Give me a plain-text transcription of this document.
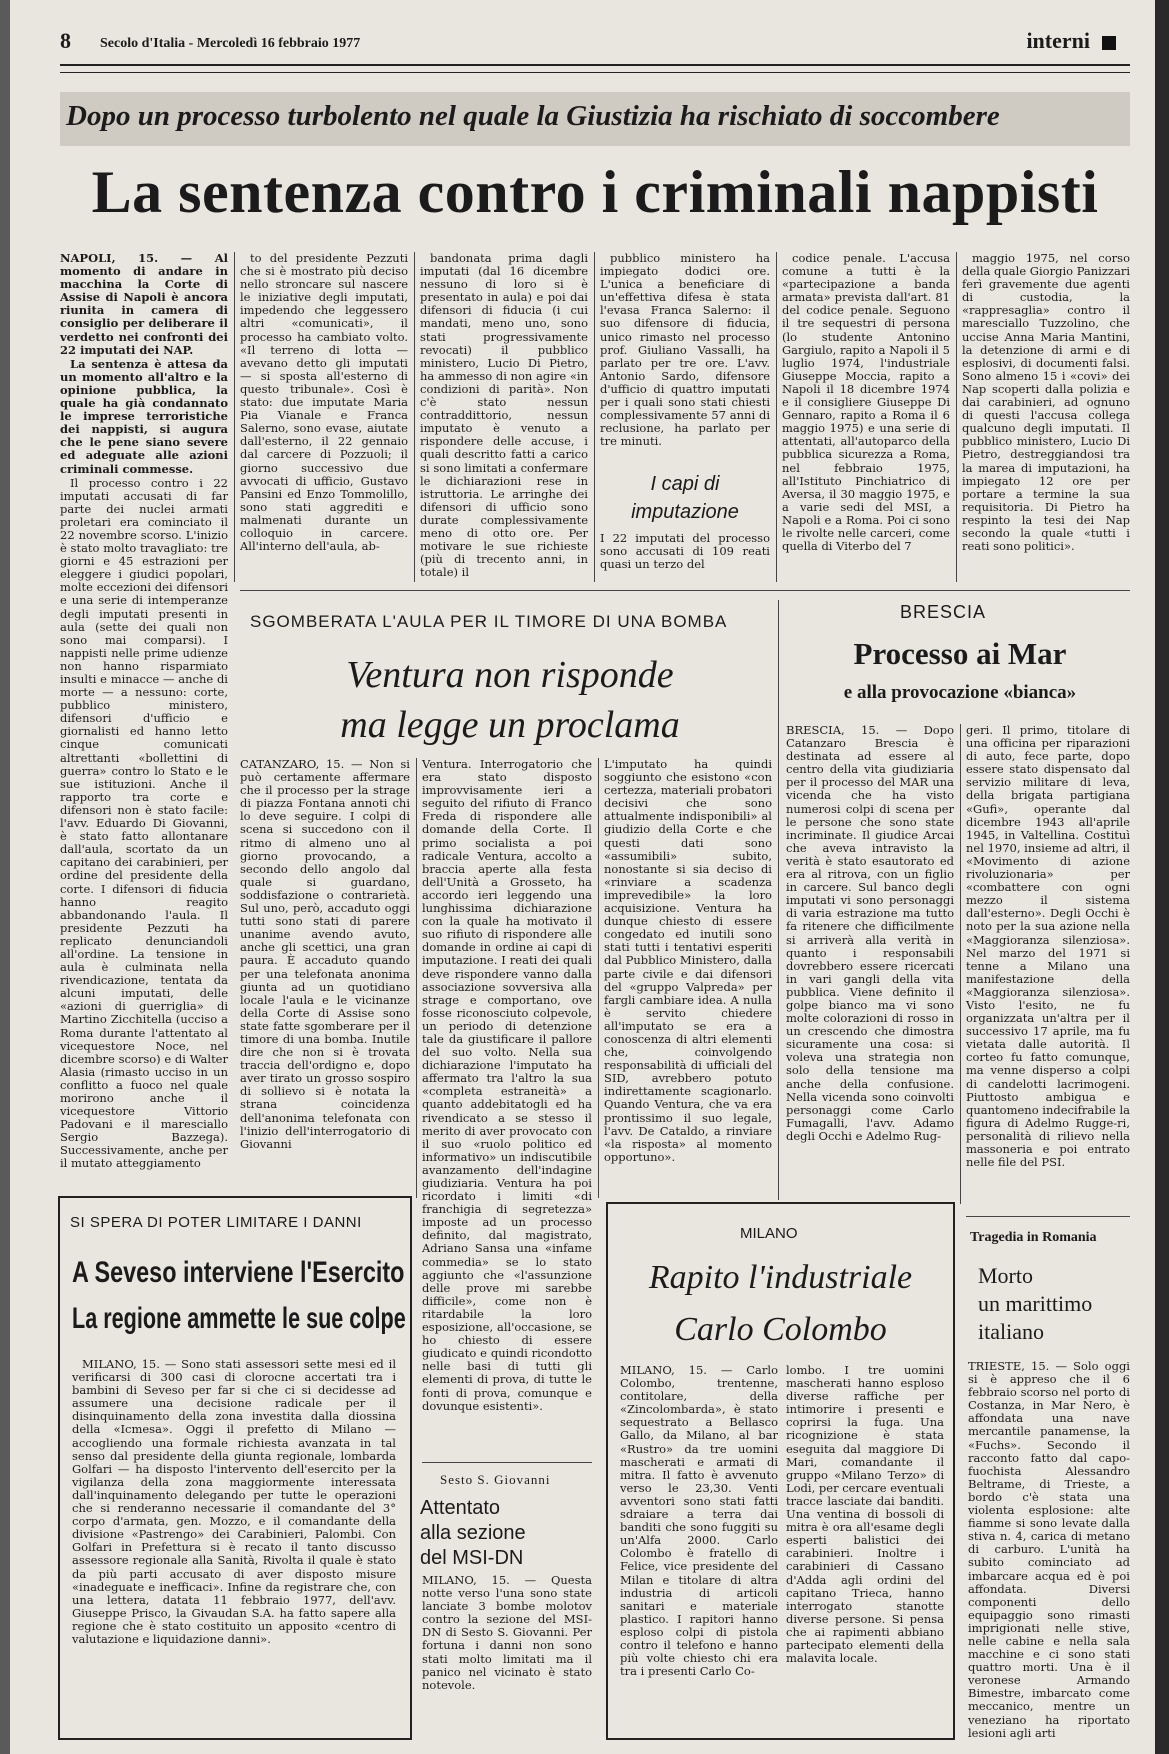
8 Secolo d'Italia - Mercoledì 16 febbraio 1977	interni
Dopo un processo turbolento nel quale la Giustizia ha rischiato di soccombere
La sentenza contro i criminali nappisti

NAPOLI, 15. — Al momento di andare in macchina la Corte di Assise di Napoli è ancora riunita in camera di consiglio per deliberare il verdetto nei confronti dei 22 imputati dei NAP.

La sentenza è attesa da un momento all'altro e la opinione pubblica, la quale ha già condannato le imprese terroristiche dei nappisti, si augura che le pene siano severe ed adeguate alle azioni criminali commesse.

Il processo contro i 22 imputati accusati di far parte dei nuclei armati proletari era cominciato il 22 novembre scorso. L'inizio è stato molto travagliato: tre giorni e 45 estrazioni per eleggere i giudici popolari, molte eccezioni dei difensori e una serie di intemperanze degli imputati presenti in aula (sette dei quali non sono mai comparsi). I nappisti nelle prime udienze non hanno risparmiato insulti e minacce — anche di morte — a nessuno: corte, pubblico ministero, difensori d'ufficio e giornalisti ed hanno letto cinque comunicati altrettanti «bollettini di guerra» contro lo Stato e le sue istituzioni. Anche il rapporto tra corte e difensori non è stato facile: l'avv. Eduardo Di Giovanni, è stato fatto allontanare dall'aula, scortato da un capitano dei carabinieri, per ordine del presidente della corte. I difensori di fiducia hanno reagito abbandonando l'aula. Il presidente Pezzuti ha replicato denunciandoli all'ordine. La tensione in aula è culminata nella rivendicazione, tentata da alcuni imputati, delle «azioni di guerriglia» di Martino Zicchitella (ucciso a Roma durante l'attentato al vicequestore Noce, nel dicembre scorso) e di Walter Alasia (rimasto ucciso in un conflitto a fuoco nel quale morirono anche il vicequestore Vittorio Padovani e il maresciallo Sergio Bazzega). Successivamente, anche per il mutato atteggiamento

to del presidente Pezzuti che si è mostrato più deciso nello stroncare sul nascere le iniziative degli imputati, impedendo che leggessero altri «comunicati», il processo ha cambiato volto. «Il terreno di lotta — avevano detto gli imputati — si sposta all'esterno di questo tribunale». Così è stato: due imputate Maria Pia Vianale e Franca Salerno, sono evase, aiutate dall'esterno, il 22 gennaio dal carcere di Pozzuoli; il giorno successivo due avvocati di ufficio, Gustavo Pansini ed Enzo Tommolillo, sono stati aggrediti e malmenati durante un colloquio in carcere. All'interno dell'aula, ab-

bandonata prima dagli imputati (dal 16 dicembre nessuno di loro si è presentato in aula) e poi dai difensori di fiducia (i cui mandati, meno uno, sono stati progressivamente revocati) il pubblico ministero, Lucio Di Pietro, ha ammesso di non agire «in condizioni di parità». Non c'è stato nessun contraddittorio, nessun imputato è venuto a rispondere delle accuse, i quali descritto fatti a carico si sono limitati a confermare le dichiarazioni rese in istruttoria. Le arringhe dei difensori di ufficio sono durate complessivamente meno di otto ore. Per motivare le sue richieste (più di trecento anni, in totale) il

pubblico ministero ha impiegato dodici ore. L'unica a beneficiare di un'effettiva difesa è stata l'evasa Franca Salerno: il suo difensore di fiducia, unico rimasto nel processo prof. Giuliano Vassalli, ha parlato per tre ore. L'avv. Antonio Sardo, difensore d'ufficio di quattro imputati per i quali sono stati chiesti complessivamente 57 anni di reclusione, ha parlato per tre minuti.

I capi di imputazione

I 22 imputati del processo sono accusati di 109 reati quasi un terzo del

codice penale. L'accusa comune a tutti è la «partecipazione a banda armata» prevista dall'art. 81 del codice penale. Seguono il tre sequestri di persona (lo studente Antonino Gargiulo, rapito a Napoli il 5 luglio 1974, l'industriale Giuseppe Moccia, rapito a Napoli il 18 dicembre 1974 e il consigliere Giuseppe Di Gennaro, rapito a Roma il 6 maggio 1975) e una serie di attentati, all'autoparco della pubblica sicurezza a Roma, nel febbraio 1975, all'Istituto Pinchiatrico di Aversa, il 30 maggio 1975, e a varie sedi del MSI, a Napoli e a Roma. Poi ci sono le rivolte nelle carceri, come quella di Viterbo del 7

maggio 1975, nel corso della quale Giorgio Panizzari ferì gravemente due agenti di custodia, la «rappresaglia» contro il maresciallo Tuzzolino, che uccise Anna Maria Mantini, la detenzione di armi e di esplosivi, di documenti falsi. Sono almeno 15 i «covi» dei Nap scoperti dalla polizia e dai carabinieri, ad ognuno di questi l'accusa collega qualcuno degli imputati. Il pubblico ministero, Lucio Di Pietro, destreggiandosi tra la marea di imputazioni, ha impiegato 12 ore per portare a termine la sua requisitoria. Di Pietro ha respinto la tesi dei Nap secondo la quale «tutti i reati sono politici».

SGOMBERATA L'AULA PER IL TIMORE DI UNA BOMBA
Ventura non risponde
ma legge un proclama

CATANZARO, 15. — Non si può certamente affermare che il processo per la strage di piazza Fontana annoti chi lo deve seguire. I colpi di scena si succedono con il ritmo di almeno uno al giorno provocando, a secondo dello angolo dal quale si guardano, soddisfazione o contrarietà. Sul uno, però, accaduto oggi tutti sono stati di parere unanime avendo avuto, anche gli scettici, una gran paura. È accaduto quando per una telefonata anonima giunta ad un quotidiano locale l'aula e le vicinanze della Corte di Assise sono state fatte sgomberare per il timore di una bomba. Inutile dire che non si è trovata traccia dell'ordigno e, dopo aver tirato un grosso sospiro di sollievo si è notata la strana coincidenza dell'anonima telefonata con l'inizio dell'interrogatorio di Giovanni

Ventura. Interrogatorio che era stato disposto improvvisamente ieri a seguito del rifiuto di Franco Freda di rispondere alle domande della Corte. Il primo socialista a poi radicale Ventura, accolto a braccia aperte alla festa dell'Unità a Grosseto, ha accordo ieri leggendo una lunghissima dichiarazione con la quale ha motivato il suo rifiuto di rispondere alle domande in ordine ai capi di imputazione. I reati dei quali deve rispondere vanno dalla associazione sovversiva alla strage e comportano, ove fosse riconosciuto colpevole, un periodo di detenzione tale da giustificare il pallore del suo volto. Nella sua dichiarazione l'imputato ha affermato tra l'altro la sua «completa estraneità» a quanto addebitatogli ed ha rivendicato a se stesso il merito di aver provocato con il suo «ruolo politico ed informativo» un indiscutibile avanzamento dell'indagine giudiziaria. Ventura ha poi ricordato i limiti «di franchigia di segretezza» imposte ad un processo definito, dal magistrato, Adriano Sansa una «infame commedia» se lo stato aggiunto che «l'assunzione delle prove mi sarebbe difficile», come non è ritardabile la loro esposizione, all'occasione, se ho chiesto di essere giudicato e quindi ricondotto nelle basi di tutti gli elementi di prova, di tutte le fonti di prova, comunque e dovunque esistenti».

L'imputato ha quindi soggiunto che esistono «con certezza, materiali probatori decisivi che sono attualmente indisponibili» al giudizio della Corte e che questi dati sono «assumibili» subito, nonostante si sia deciso di «rinviare a scadenza imprevedibile» la loro acquisizione. Ventura ha dunque chiesto di essere congedato ed inutili sono stati tutti i tentativi esperiti dal Pubblico Ministero, dalla parte civile e dai difensori del «gruppo Valpreda» per fargli cambiare idea. A nulla è servito chiedere all'imputato se era a conoscenza di altri elementi che, coinvolgendo responsabilità di ufficiali del SID, avrebbero potuto indirettamente scagionarlo. Quando Ventura, che va era prontissimo il suo legale, l'avv. De Cataldo, a rinviare «la risposta» al momento opportuno».

BRESCIA
Processo ai Mar
e alla provocazione «bianca»

BRESCIA, 15. — Dopo Catanzaro Brescia è destinata ad essere al centro della vita giudiziaria per il processo del MAR una vicenda che ha visto numerosi colpi di scena per le persone che sono state incriminate. Il giudice Arcai che aveva intravisto la verità è stato esautorato ed era al ritrova, con un figlio in carcere. Sul banco degli imputati vi sono personaggi di varia estrazione ma tutto fa ritenere che difficilmente si arriverà alla verità in quanto i responsabili dovrebbero essere ricercati in vari gangli della vita pubblica. Viene definito il golpe bianco ma vi sono molte colorazioni di rosso in un crescendo che dimostra sicuramente una cosa: si voleva una strategia non solo della tensione ma anche della confusione. Nella vicenda sono coinvolti personaggi come Carlo Fumagalli, l'avv. Adamo degli Occhi e Adelmo Rug-

geri. Il primo, titolare di una officina per riparazioni di auto, fece parte, dopo essere stato dispensato dal servizio militare di leva, della brigata partigiana «Gufi», operante dal dicembre 1943 all'aprile 1945, in Valtellina. Costituì nel 1970, insieme ad altri, il «Movimento di azione rivoluzionaria» per «combattere con ogni mezzo il sistema dall'esterno». Degli Occhi è noto per la sua azione nella «Maggioranza silenziosa». Nel marzo del 1971 si tenne a Milano una manifestazione della «Maggioranza silenziosa». Visto l'esito, ne fu organizzata un'altra per il successivo 17 aprile, ma fu vietata dalle autorità. Il corteo fu fatto comunque, ma venne disperso a colpi di candelotti lacrimogeni. Piuttosto ambigua e quantomeno indecifrabile la figura di Adelmo Rugge-ri, personalità di rilievo nella massoneria e poi entrato nelle file del PSI.

SI SPERA DI POTER LIMITARE I DANNI
A Seveso interviene l'Esercito
La regione ammette le sue colpe

MILANO, 15. — Sono stati assessori sette mesi ed il verificarsi di 300 casi di clorocne accertati tra i bambini di Seveso per far si che ci si decidesse ad assumere una decisione radicale per il disinquinamento della zona investita dalla diossina della «Icmesa». Oggi il prefetto di Milano — accogliendo una formale richiesta avanzata in tal senso dal presidente della giunta regionale, lombarda Golfari — ha disposto l'intervento dell'esercito per la vigilanza della zona maggiormente interessata dall'inquinamento delegando per tutte le operazioni che si renderanno necessarie il comandante del 3° corpo d'armata, gen. Mozzo, e il comandante della divisione «Pastrengo» dei Carabinieri, Palombi. Con Golfari in Prefettura si è recato il tanto discusso assessore regionale alla Sanità, Rivolta il quale è stato da più parti accusato di aver disposto misure «inadeguate e inefficaci». Infine da registrare che, con una lettera, datata 11 febbraio 1977, dell'avv. Giuseppe Prisco, la Givaudan S.A. ha fatto sapere alla regione che è stato costituito un apposito «centro di valutazione e liquidazione danni».

Sesto S. Giovanni
Attentato
alla sezione
del MSI-DN

MILANO, 15. — Questa notte verso l'una sono state lanciate 3 bombe molotov contro la sezione del MSI-DN di Sesto S. Giovanni. Per fortuna i danni non sono stati molto limitati ma il panico nel vicinato è stato notevole.

MILANO
Rapito l'industriale
Carlo Colombo

MILANO, 15. — Carlo Colombo, trentenne, contitolare, della «Zincolombarda», è stato sequestrato a Bellasco Gallo, da Milano, al bar «Rustro» da tre uomini mascherati e armati di mitra. Il fatto è avvenuto verso le 23,30. Venti avventori sono stati fatti sdraiare a terra dai banditi che sono fuggiti su un'Alfa 2000. Carlo Colombo è fratello di Felice, vice presidente del Milan e titolare di altra industria di articoli sanitari e materiale plastico. I rapitori hanno esploso colpi di pistola contro il telefono e hanno più volte chiesto chi era tra i presenti Carlo Co-

lombo. I tre uomini mascherati hanno esploso diverse raffiche per intimorire i presenti e coprirsi la fuga. Una ricognizione è stata eseguita dal maggiore Di Mari, comandante il gruppo «Milano Terzo» di Lodi, per cercare eventuali tracce lasciate dai banditi. Una ventina di bossoli di mitra è ora all'esame degli esperti balistici dei carabinieri. Inoltre i carabinieri di Cassano d'Adda agli ordini del capitano Trieca, hanno interrogato stanotte diverse persone. Si pensa che ai rapimenti abbiano partecipato elementi della malavita locale.

Tragedia in Romania
Morto
un marittimo
italiano

TRIESTE, 15. — Solo oggi si è appreso che il 6 febbraio scorso nel porto di Costanza, in Mar Nero, è affondata una nave mercantile panamense, la «Fuchs». Secondo il racconto fatto dal capo-fuochista Alessandro Beltrame, di Trieste, a bordo c'è stata una violenta esplosione: alte fiamme si sono levate dalla stiva n. 4, carica di metano di carburo. L'unità ha subito cominciato ad imbarcare acqua ed è poi affondata. Diversi componenti dello equipaggio sono rimasti imprigionati nelle stive, nelle cabine e nella sala macchine e ci sono stati quattro morti. Una è il veronese Armando Bimestre, imbarcato come meccanico, mentre un veneziano ha riportato lesioni agli arti
